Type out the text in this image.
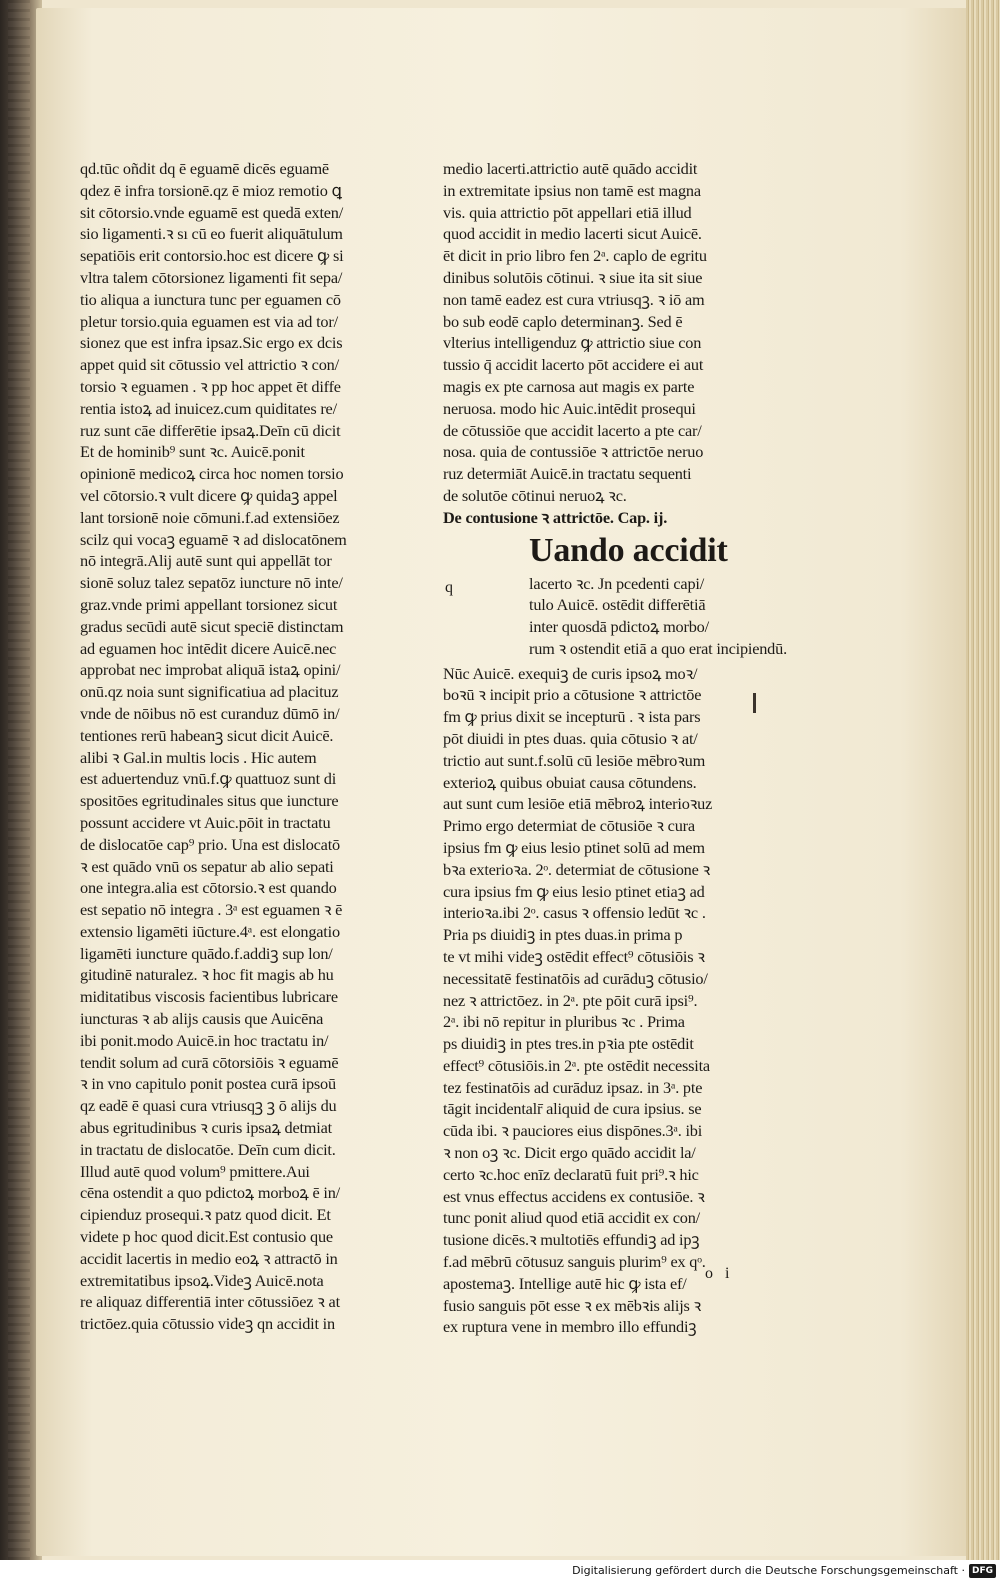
qd.tūc oñdit dq ē eguamē dicēs eguamē
qdez ē infra torsionē.qz ē mioz remotio ꝗ
sit cōtorsio.vnde eguamē est quedā exten/
sio ligamenti.ꝛ sı cū eo fuerit aliquātulum
sepatiōis erit contorsio.hoc est dicere ꝙ si
vltra talem cōtorsionez ligamenti fit sepa/
tio aliqua a iunctura tunc per eguamen cō
pletur torsio.quia eguamen est via ad tor/
sionez que est infra ipsaz.Sic ergo ex dcis
appet quid sit cōtussio vel attrictio ꝛ con/
torsio ꝛ eguamen . ꝛ pp hoc appet ēt diffe
rentia istoꝝ ad inuicez.cum quiditates re/
ruz sunt cāe differētie ipsaꝝ.Deīn cū dicit
Et de hominib⁹ sunt ꝛc. Auicē.ponit
opinionē medicoꝝ circa hoc nomen torsio
vel cōtorsio.ꝛ vult dicere ꝙ quidaꝫ appel
lant torsionē noie cōmuni.f.ad extensiōez
scilz qui vocaꝫ eguamē ꝛ ad dislocatōnem
nō integrā.Alij autē sunt qui appellāt tor
sionē soluz talez sepatōz iuncture nō inte/
graz.vnde primi appellant torsionez sicut
gradus secūdi autē sicut speciē distinctam
ad eguamen hoc intēdit dicere Auicē.nec
approbat nec improbat aliquā istaꝝ opini/
onū.qz noia sunt significatiua ad placituz
vnde de nōibus nō est curanduz dūmō in/
tentiones rerū habeanꝫ sicut dicit Auicē.
alibi ꝛ Gal.in multis locis . Hic autem
est aduertenduz vnū.f.ꝙ quattuoz sunt di
spositōes egritudinales situs que iuncture
possunt accidere vt Auic.pōit in tractatu
de dislocatōe cap⁹ prio. Una est dislocatō
ꝛ est quādo vnū os sepatur ab alio sepati
one integra.alia est cōtorsio.ꝛ est quando
est sepatio nō integra . 3ᵃ est eguamen ꝛ ē
extensio ligamēti iūcture.4ᵃ. est elongatio
ligamēti iuncture quādo.f.addiꝫ sup lon/
gitudinē naturalez. ꝛ hoc fit magis ab hu
miditatibus viscosis facientibus lubricare
iuncturas ꝛ ab alijs causis que Auicēna
ibi ponit.modo Auicē.in hoc tractatu in/
tendit solum ad curā cōtorsiōis ꝛ eguamē
ꝛ in vno capitulo ponit postea curā ipsoū
qz eadē ē quasi cura vtriusqꝫ ꝫ ō alijs du
abus egritudinibus ꝛ curis ipsaꝝ detmiat
in tractatu de dislocatōe. Deīn cum dicit.
Illud autē quod volum⁹ pmittere.Aui
cēna ostendit a quo pdictoꝝ morboꝝ ē in/
cipienduz prosequi.ꝛ patz quod dicit. Et
videte p hoc quod dicit.Est contusio que
accidit lacertis in medio eoꝝ ꝛ attractō in
extremitatibus ipsoꝝ.Videꝫ Auicē.nota
re aliquaz differentiā inter cōtussiōez ꝛ at
trictōez.quia cōtussio videꝫ qn accidit in
medio lacerti.attrictio autē quādo accidit
in extremitate ipsius non tamē est magna
vis. quia attrictio pōt appellari etiā illud
quod accidit in medio lacerti sicut Auicē.
ēt dicit in prio libro fen 2ᵃ. caplo de egritu
dinibus solutōis cōtinui. ꝛ siue ita sit siue
non tamē eadez est cura vtriusqꝫ. ꝛ iō am
bo sub eodē caplo determinanꝫ. Sed ē
vlterius intelligenduz ꝙ attrictio siue con
tussio q̄ accidit lacerto pōt accidere ei aut
magis ex pte carnosa aut magis ex parte
neruosa. modo hic Auic.intēdit prosequi
de cōtussiōe que accidit lacerto a pte car/
nosa. quia de contussiōe ꝛ attrictōe neruo
ruz determiāt Auicē.in tractatu sequenti
de solutōe cōtinui neruoꝝ ꝛc.
De contusione ꝛ attrictōe. Cap. ij.
q
Uando accidit
lacerto ꝛc. Jn pcedenti capi/
tulo Auicē. ostēdit differētiā
inter quosdā pdictoꝝ morbo/
rum ꝛ ostendit etiā a quo erat incipiendū.
Nūc Auicē. exequiꝫ de curis ipsoꝝ moꝛ/
boꝛū ꝛ incipit prio a cōtusione ꝛ attrictōe
fm ꝙ prius dixit se incepturū . ꝛ ista pars
pōt diuidi in ptes duas. quia cōtusio ꝛ at/
trictio aut sunt.f.solū cū lesiōe mēbroꝛum
exterioꝝ quibus obuiat causa cōtundens.
aut sunt cum lesiōe etiā mēbroꝝ interioꝛuz
Primo ergo determiat de cōtusiōe ꝛ cura
ipsius fm ꝙ eius lesio ptinet solū ad mem
bꝛa exterioꝛa. 2ᵒ. determiat de cōtusione ꝛ
cura ipsius fm ꝙ eius lesio ptinet etiaꝫ ad
interioꝛa.ibi 2ᵒ. casus ꝛ offensio ledūt ꝛc .
Pria ps diuidiꝫ in ptes duas.in prima p
te vt mihi videꝫ ostēdit effect⁹ cōtusiōis ꝛ
necessitatē festinatōis ad curāduꝫ cōtusio/
nez ꝛ attrictōez. in 2ᵃ. pte pōit curā ipsi⁹.
2ᵃ. ibi nō repitur in pluribus ꝛc . Prima
ps diuidiꝫ in ptes tres.in pꝛia pte ostēdit
effect⁹ cōtusiōis.in 2ᵃ. pte ostēdit necessita
tez festinatōis ad curāduz ipsaz. in 3ᵃ. pte
tāgit incidentalr̄ aliquid de cura ipsius. se
cūda ibi. ꝛ pauciores eius dispōnes.3ᵃ. ibi
ꝛ non oꝫ ꝛc. Dicit ergo quādo accidit la/
certo ꝛc.hoc enīz declaratū fuit pri⁹.ꝛ hic
est vnus effectus accidens ex contusiōe. ꝛ
tunc ponit aliud quod etiā accidit ex con/
tusione dicēs.ꝛ multotiēs effundiꝫ ad ipꝫ
f.ad mēbrū cōtusuz sanguis plurim⁹ ex qᵒ.
apostemaꝫ. Intellige autē hic ꝙ ista ef/
fusio sanguis pōt esse ꝛ ex mēbꝛis alijs ꝛ
ex ruptura vene in membro illo effundiꝫ
o i
Digitalisierung gefördert durch die Deutsche Forschungsgemeinschaft · DFG
